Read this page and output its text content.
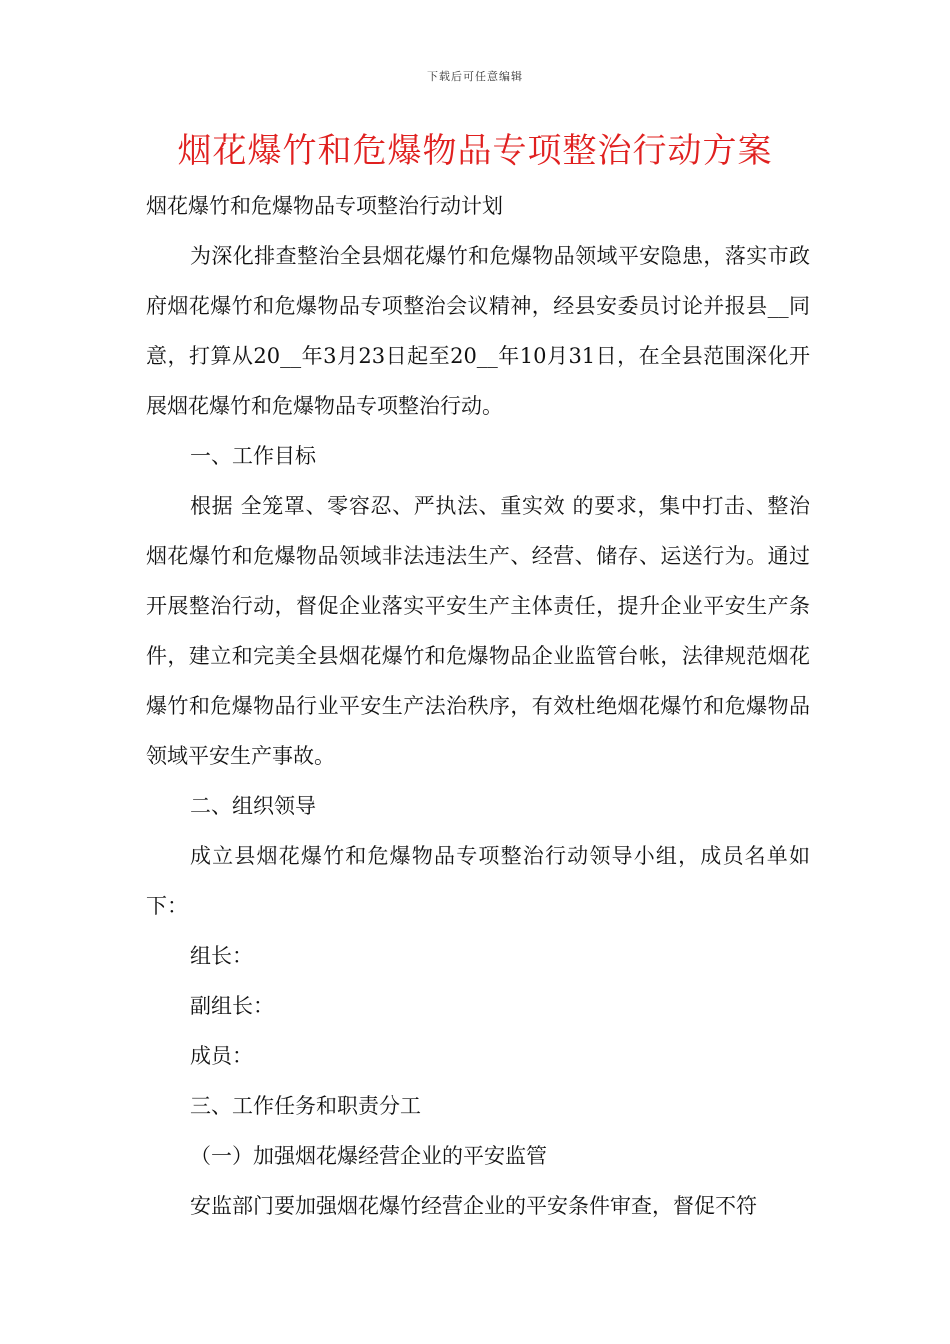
下载后可任意编辑
烟花爆竹和危爆物品专项整治行动方案

烟花爆竹和危爆物品专项整治行动计划

为深化排查整治全县烟花爆竹和危爆物品领域平安隐患，落实市政府烟花爆竹和危爆物品专项整治会议精神，经县安委员讨论并报县__同意，打算从20__年3月23日起至20__年10月31日，在全县范围深化开展烟花爆竹和危爆物品专项整治行动。

一、工作目标

根据 全笼罩、零容忍、严执法、重实效 的要求，集中打击、整治烟花爆竹和危爆物品领域非法违法生产、经营、储存、运送行为。通过开展整治行动，督促企业落实平安生产主体责任，提升企业平安生产条件，建立和完美全县烟花爆竹和危爆物品企业监管台帐，法律规范烟花爆竹和危爆物品行业平安生产法治秩序，有效杜绝烟花爆竹和危爆物品领域平安生产事故。

二、组织领导

成立县烟花爆竹和危爆物品专项整治行动领导小组，成员名单如下：

组长：

副组长：

成员：

三、工作任务和职责分工

（一）加强烟花爆经营企业的平安监管

安监部门要加强烟花爆竹经营企业的平安条件审查，督促不符
